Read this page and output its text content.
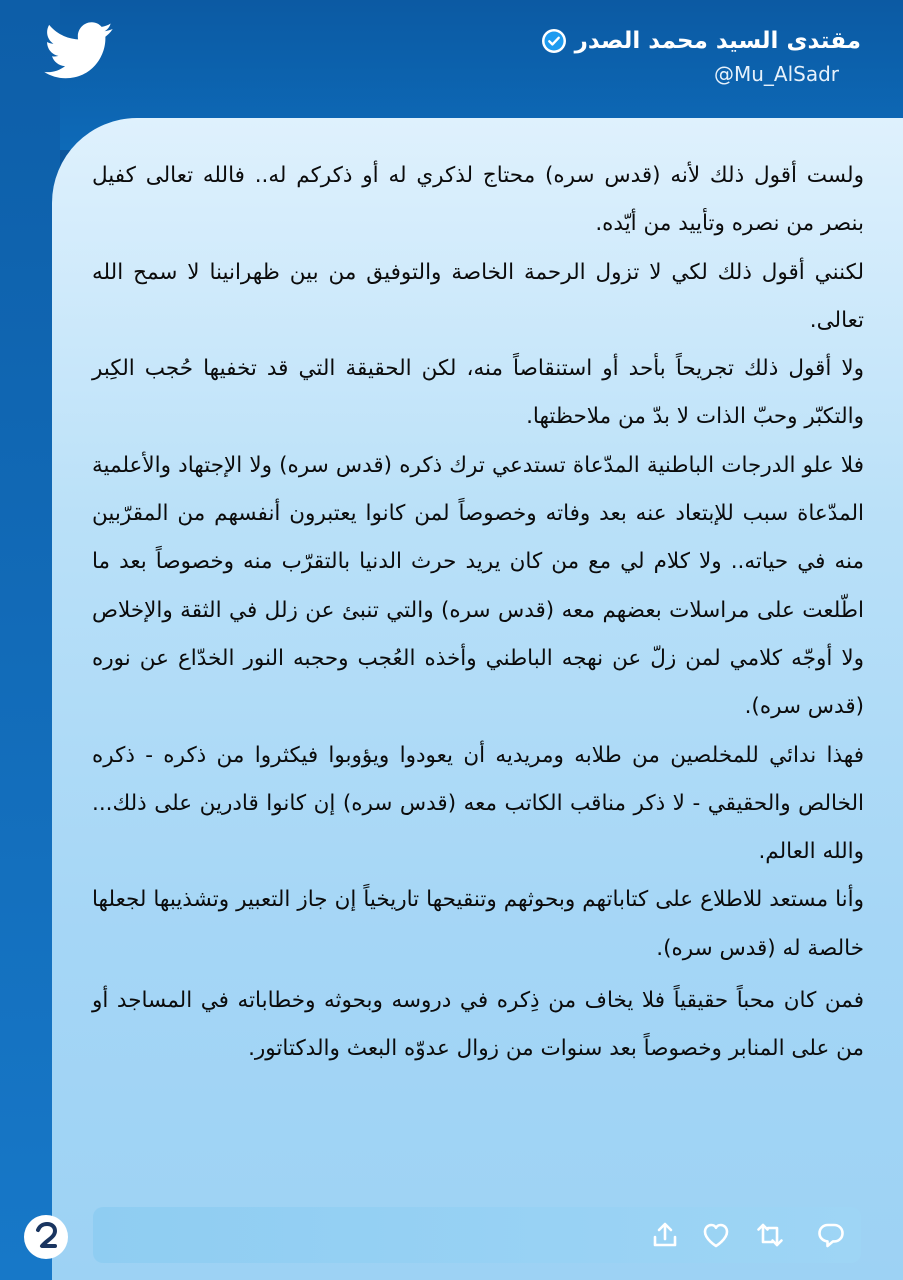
مقتدى السيد محمد الصدر
@Mu_AlSadr

ولست أقول ذلك لأنه (قدس سره) محتاج لذكري له أو ذكركم له.. فالله تعالى كفيل بنصر من نصره وتأييد من أيّده.

لكنني أقول ذلك لكي لا تزول الرحمة الخاصة والتوفيق من بين ظهرانينا لا سمح الله تعالى.

ولا أقول ذلك تجريحاً بأحد أو استنقاصاً منه، لكن الحقيقة التي قد تخفيها حُجب الكِبر والتكبّر وحبّ الذات لا بدّ من ملاحظتها.

فلا علو الدرجات الباطنية المدّعاة تستدعي ترك ذكره (قدس سره) ولا الإجتهاد والأعلمية المدّعاة سبب للإبتعاد عنه بعد وفاته وخصوصاً لمن كانوا يعتبرون أنفسهم من المقرّبين منه في حياته.. ولا كلام لي مع من كان يريد حرث الدنيا بالتقرّب منه وخصوصاً بعد ما اطّلعت على مراسلات بعضهم معه (قدس سره) والتي تنبئ عن زلل في الثقة والإخلاص ولا أوجّه كلامي لمن زلّ عن نهجه الباطني وأخذه العُجب وحجبه النور الخدّاع عن نوره (قدس سره).

فهذا ندائي للمخلصين من طلابه ومريديه أن يعودوا ويؤوبوا فيكثروا من ذكره - ذكره الخالص والحقيقي - لا ذكر مناقب الكاتب معه (قدس سره) إن كانوا قادرين على ذلك... والله العالم.

وأنا مستعد للاطلاع على كتاباتهم وبحوثهم وتنقيحها تاريخياً إن جاز التعبير وتشذيبها لجعلها خالصة له (قدس سره).

فمن كان محباً حقيقياً فلا يخاف من ذِكره في دروسه وبحوثه وخطاباته في المساجد أو من على المنابر وخصوصاً بعد سنوات من زوال عدوّه البعث والدكتاتور.
